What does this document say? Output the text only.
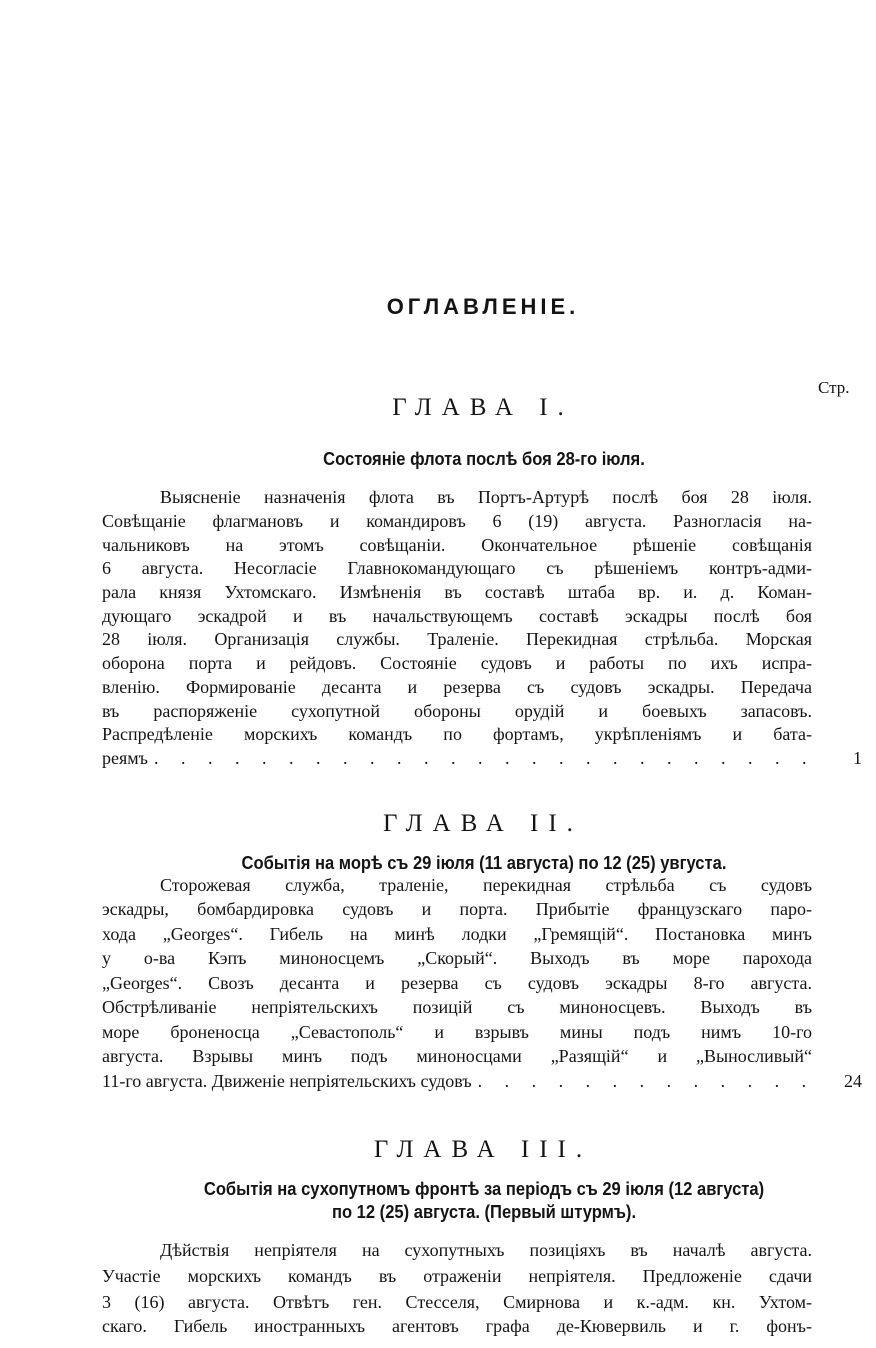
ОГЛАВЛЕНІЕ.
Стр.
ГЛАВА I.
Состояніе флота послѣ боя 28-го іюля.
Выясненіе назначенія флота въ Портъ-Артурѣ послѣ боя 28 іюля.
Совѣщаніе флагмановъ и командировъ 6 (19) августа. Разногласія на-
чальниковъ на этомъ совѣщаніи. Окончательное рѣшеніе совѣщанія
6 августа. Несогласіе Главнокомандующаго съ рѣшеніемъ контръ-адми-
рала князя Ухтомскаго. Измѣненія въ составѣ штаба вр. и. д. Коман-
дующаго эскадрой и въ начальствующемъ составѣ эскадры послѣ боя
28 іюля. Организація службы. Траленіе. Перекидная стрѣльба. Морская
оборона порта и рейдовъ. Состояніе судовъ и работы по ихъ испра-
вленію. Формированіе десанта и резерва съ судовъ эскадры. Передача
въ распоряженіе сухопутной обороны орудій и боевыхъ запасовъ.
Распредѣленіе морскихъ командъ по фортамъ, укрѣпленіямъ и бата-
реямъ . . .	1
ГЛАВА II.
Событія на морѣ съ 29 іюля (11 августа) по 12 (25) увгуста.
Сторожевая служба, траленіе, перекидная стрѣльба съ судовъ
эскадры, бомбардировка судовъ и порта. Прибытіе французскаго паро-
хода „Georges“. Гибель на минѣ лодки „Гремящій“. Постановка минъ
у о-ва Кэпъ миноносцемъ „Скорый“. Выходъ въ море парохода
„Georges“. Свозъ десанта и резерва съ судовъ эскадры 8-го августа.
Обстрѣливаніе непріятельскихъ позицій съ миноносцевъ. Выходъ въ
море броненосца „Севастополь“ и взрывъ мины подъ нимъ 10-го
августа. Взрывы минъ подъ миноносцами „Разящій“ и „Выносливый“
11-го августа. Движеніе непріятельскихъ судовъ . . .	24
ГЛАВА III.
Событія на сухопутномъ фронтѣ за періодъ съ 29 іюля (12 августа)
по 12 (25) августа. (Первый штурмъ).
Дѣйствія непріятеля на сухопутныхъ позиціяхъ въ началѣ августа.
Участіе морскихъ командъ въ отраженіи непріятеля. Предложеніе сдачи
3 (16) августа. Отвѣтъ ген. Стесселя, Смирнова и к.-адм. кн. Ухтом-
скаго. Гибель иностранныхъ агентовъ графа де-Кювервиль и г. фонъ-
